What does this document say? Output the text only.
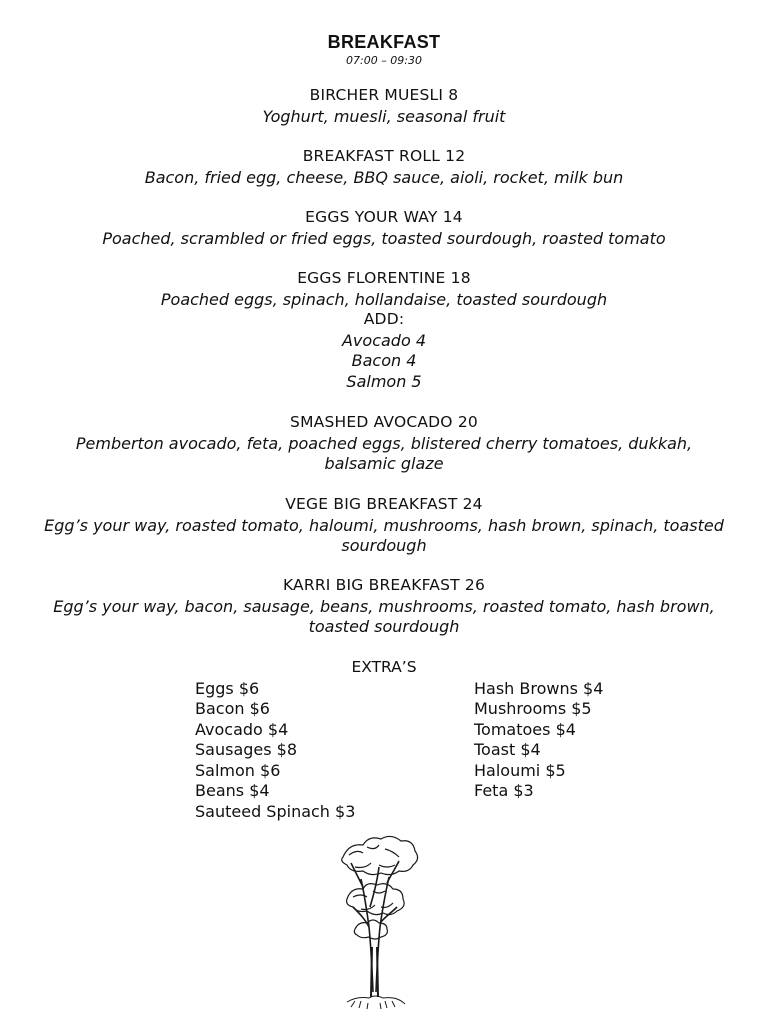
BREAKFAST
07:00 – 09:30
BIRCHER MUESLI 8
Yoghurt, muesli, seasonal fruit
BREAKFAST ROLL 12
Bacon, fried egg, cheese, BBQ sauce, aioli, rocket, milk bun
EGGS YOUR WAY 14
Poached, scrambled or fried eggs, toasted sourdough, roasted tomato
EGGS FLORENTINE 18
Poached eggs, spinach, hollandaise, toasted sourdough
ADD:
Avocado 4
Bacon 4
Salmon 5
SMASHED AVOCADO 20
Pemberton avocado, feta, poached eggs, blistered cherry tomatoes, dukkah,
balsamic glaze
VEGE BIG BREAKFAST 24
Egg’s your way, roasted tomato, haloumi, mushrooms, hash brown, spinach, toasted
sourdough
KARRI BIG BREAKFAST 26
Egg’s your way, bacon, sausage, beans, mushrooms, roasted tomato, hash brown,
toasted sourdough
EXTRA’S
Eggs $6
Bacon $6
Avocado $4
Sausages $8
Salmon $6
Beans $4
Sauteed Spinach $3
Hash Browns $4
Mushrooms $5
Tomatoes $4
Toast $4
Haloumi $5
Feta $3
